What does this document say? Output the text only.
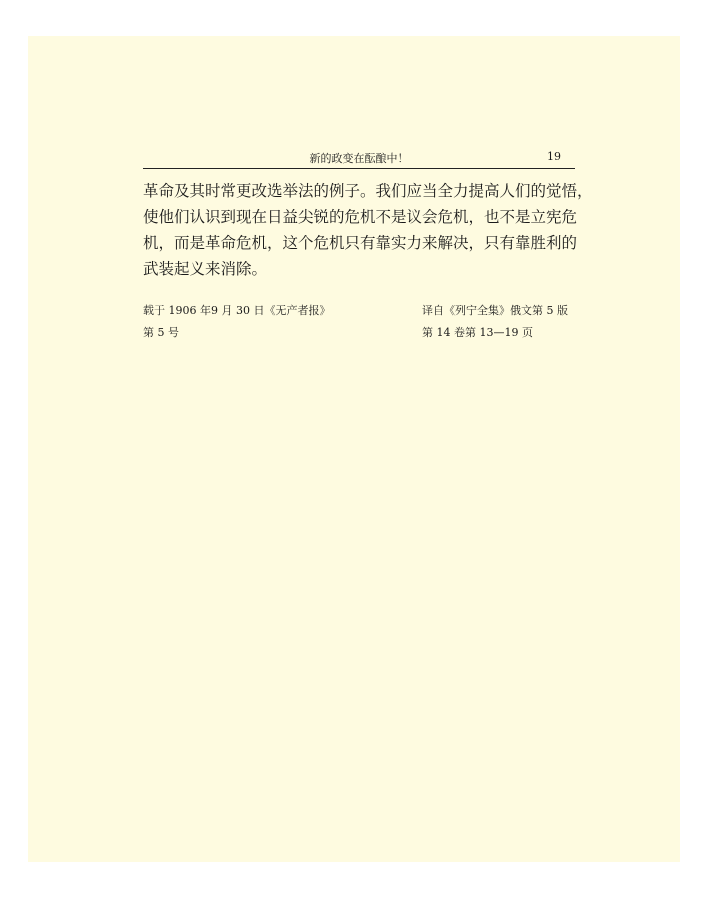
新的政变在酝酿中！	19

革命及其时常更改选举法的例子。我们应当全力提高人们的觉悟，
使他们认识到现在日益尖锐的危机不是议会危机，也不是立宪危
机，而是革命危机，这个危机只有靠实力来解决，只有靠胜利的
武装起义来消除。

载于 1906 年9 月 30 日《无产者报》
第 5 号
译自《列宁全集》俄文第 5 版
第 14 卷第 13—19 页
